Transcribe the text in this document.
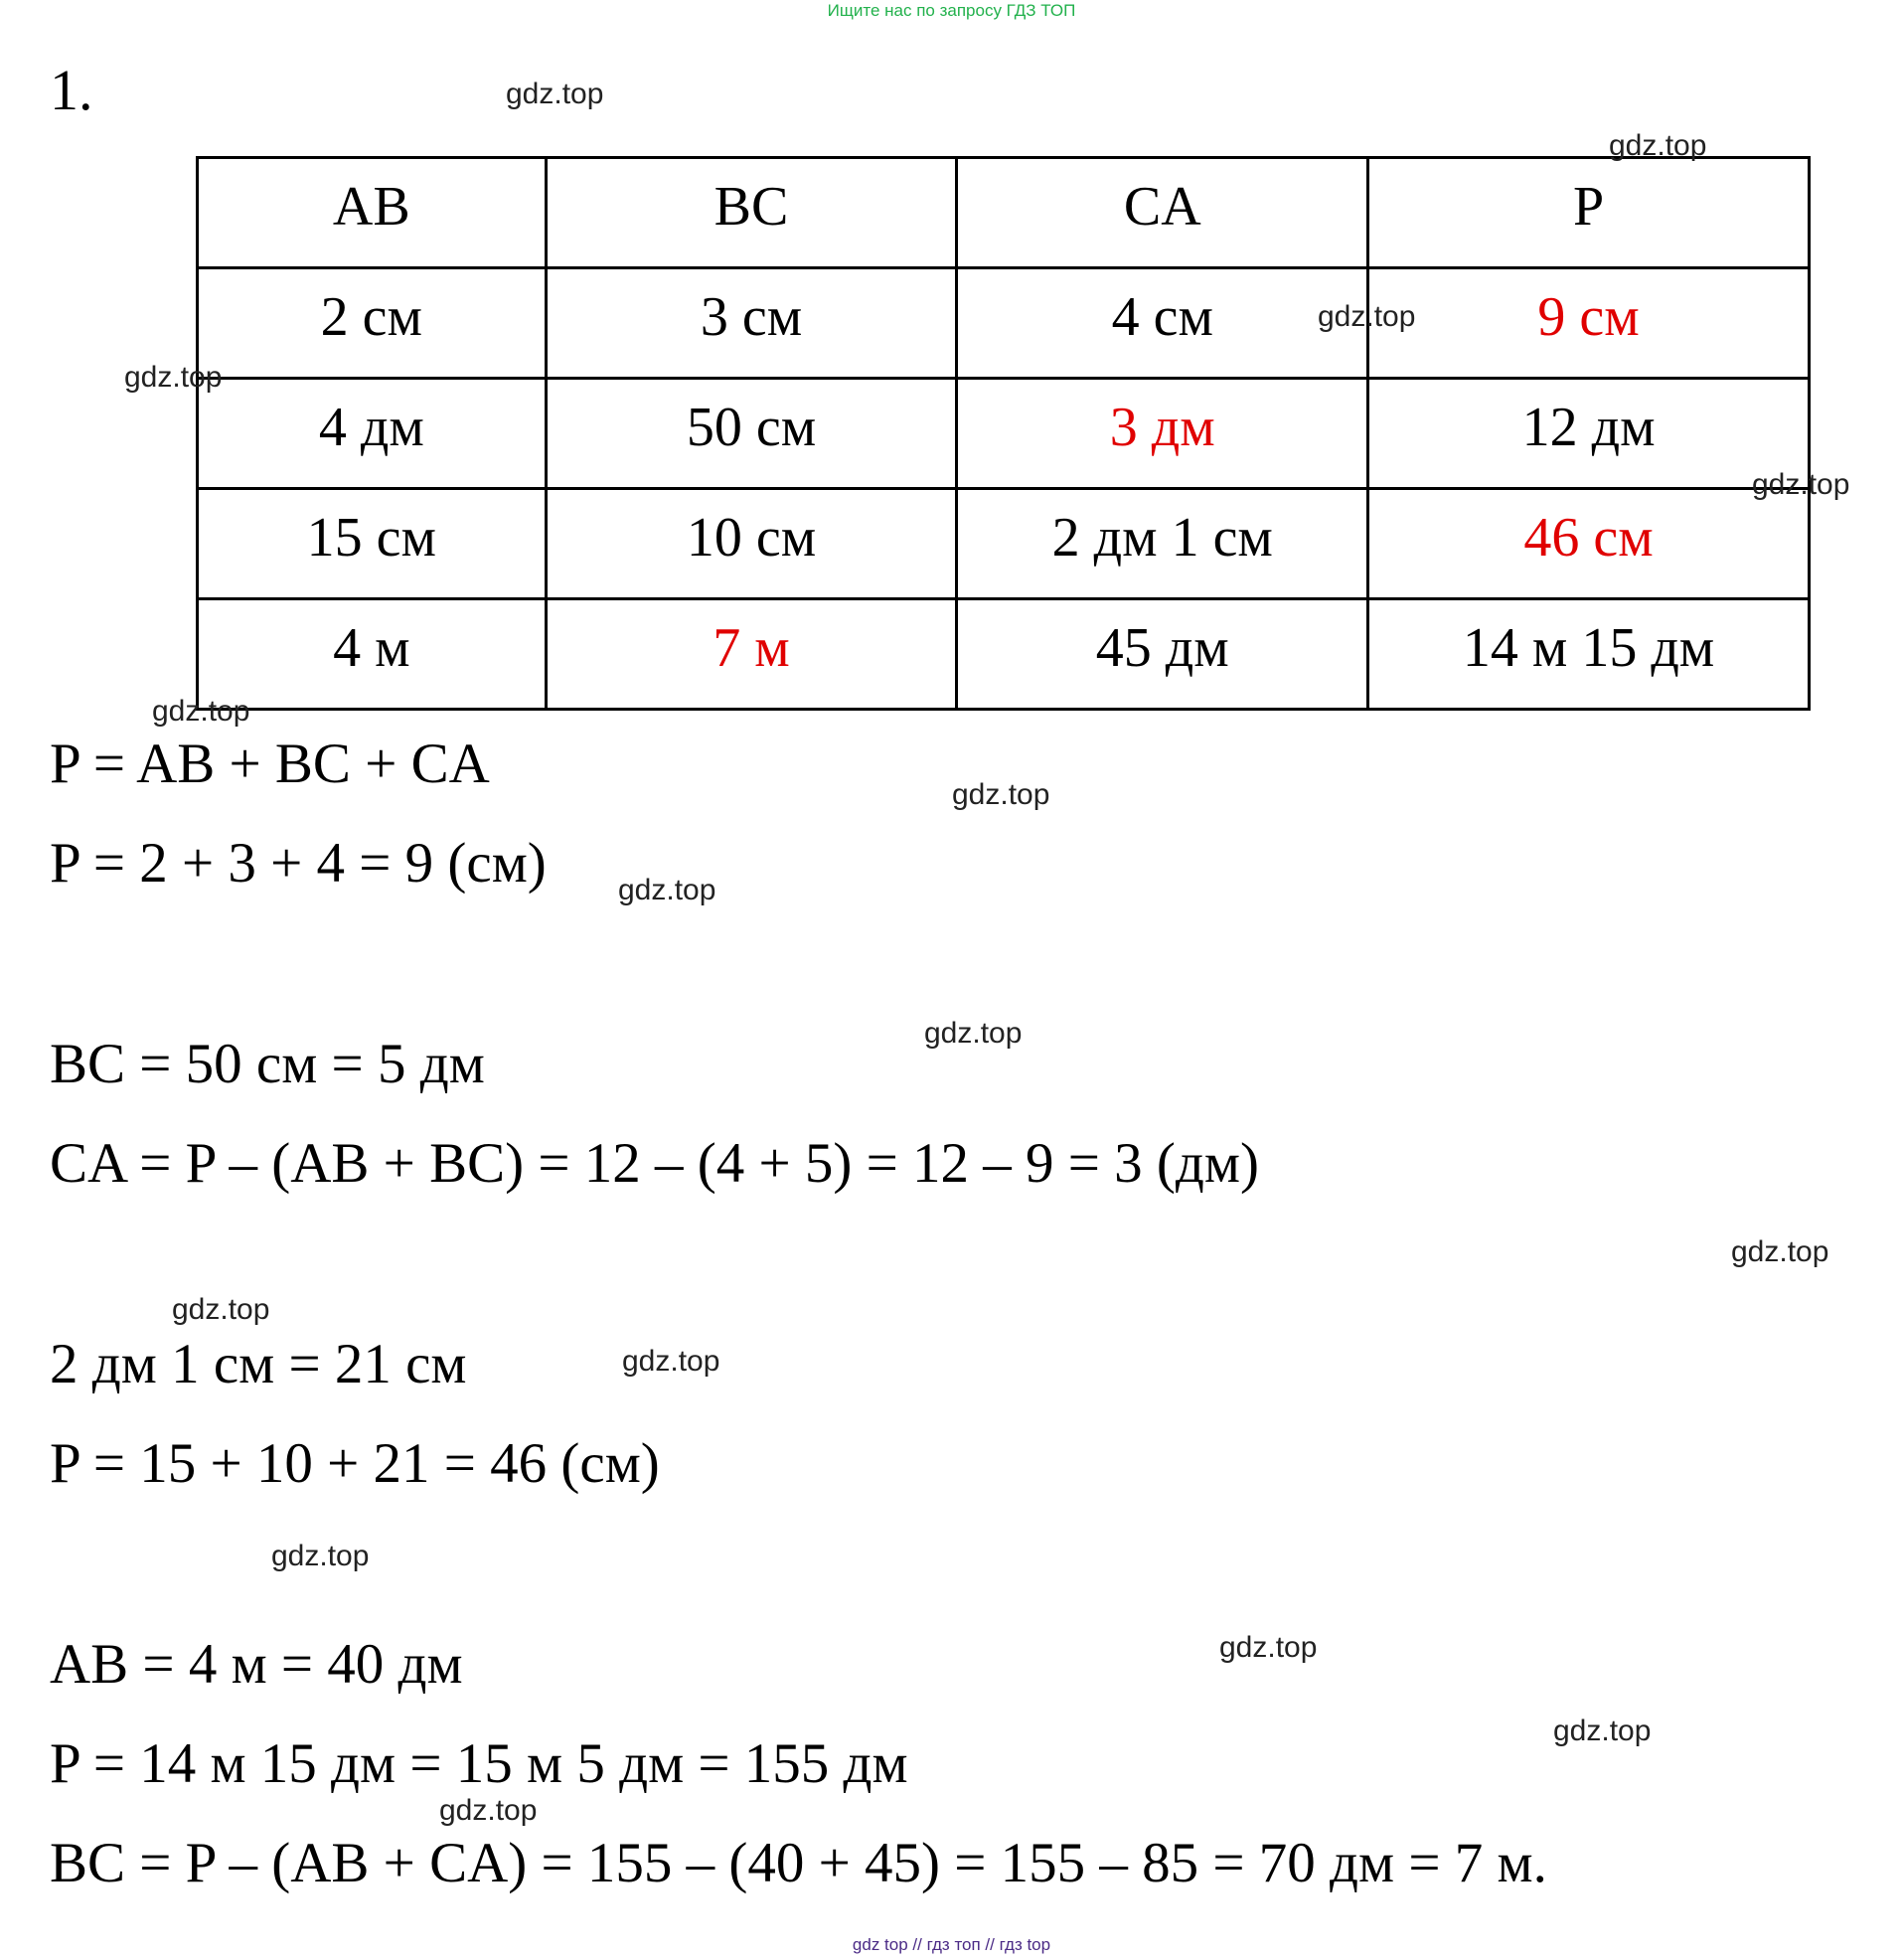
Ищите нас по запросу ГДЗ ТОП
1.
AB	BC	CA	P
2 см	3 см	4 см	9 см
4 дм	50 см	3 дм	12 дм
15 см	10 см	2 дм 1 см	46 см
4 м	7 м	45 дм	14 м 15 дм
P = AB + BC + CA
P = 2 + 3 + 4 = 9 (см)
BC = 50 см = 5 дм
CA = P – (AB + BC) = 12 – (4 + 5) = 12 – 9 = 3 (дм)
2 дм 1 см = 21 см
P = 15 + 10 + 21 = 46 (см)
AB = 4 м = 40 дм
P = 14 м 15 дм = 15 м 5 дм = 155 дм
BC = P – (AB + CA) = 155 – (40 + 45) = 155 – 85 = 70 дм = 7 м.
gdz.top
gdz.top
gdz.top
gdz.top
gdz.top
gdz.top
gdz.top
gdz.top
gdz.top
gdz.top
gdz.top
gdz.top
gdz.top
gdz.top
gdz.top
gdz.top
gdz top // гдз топ // гдз top
